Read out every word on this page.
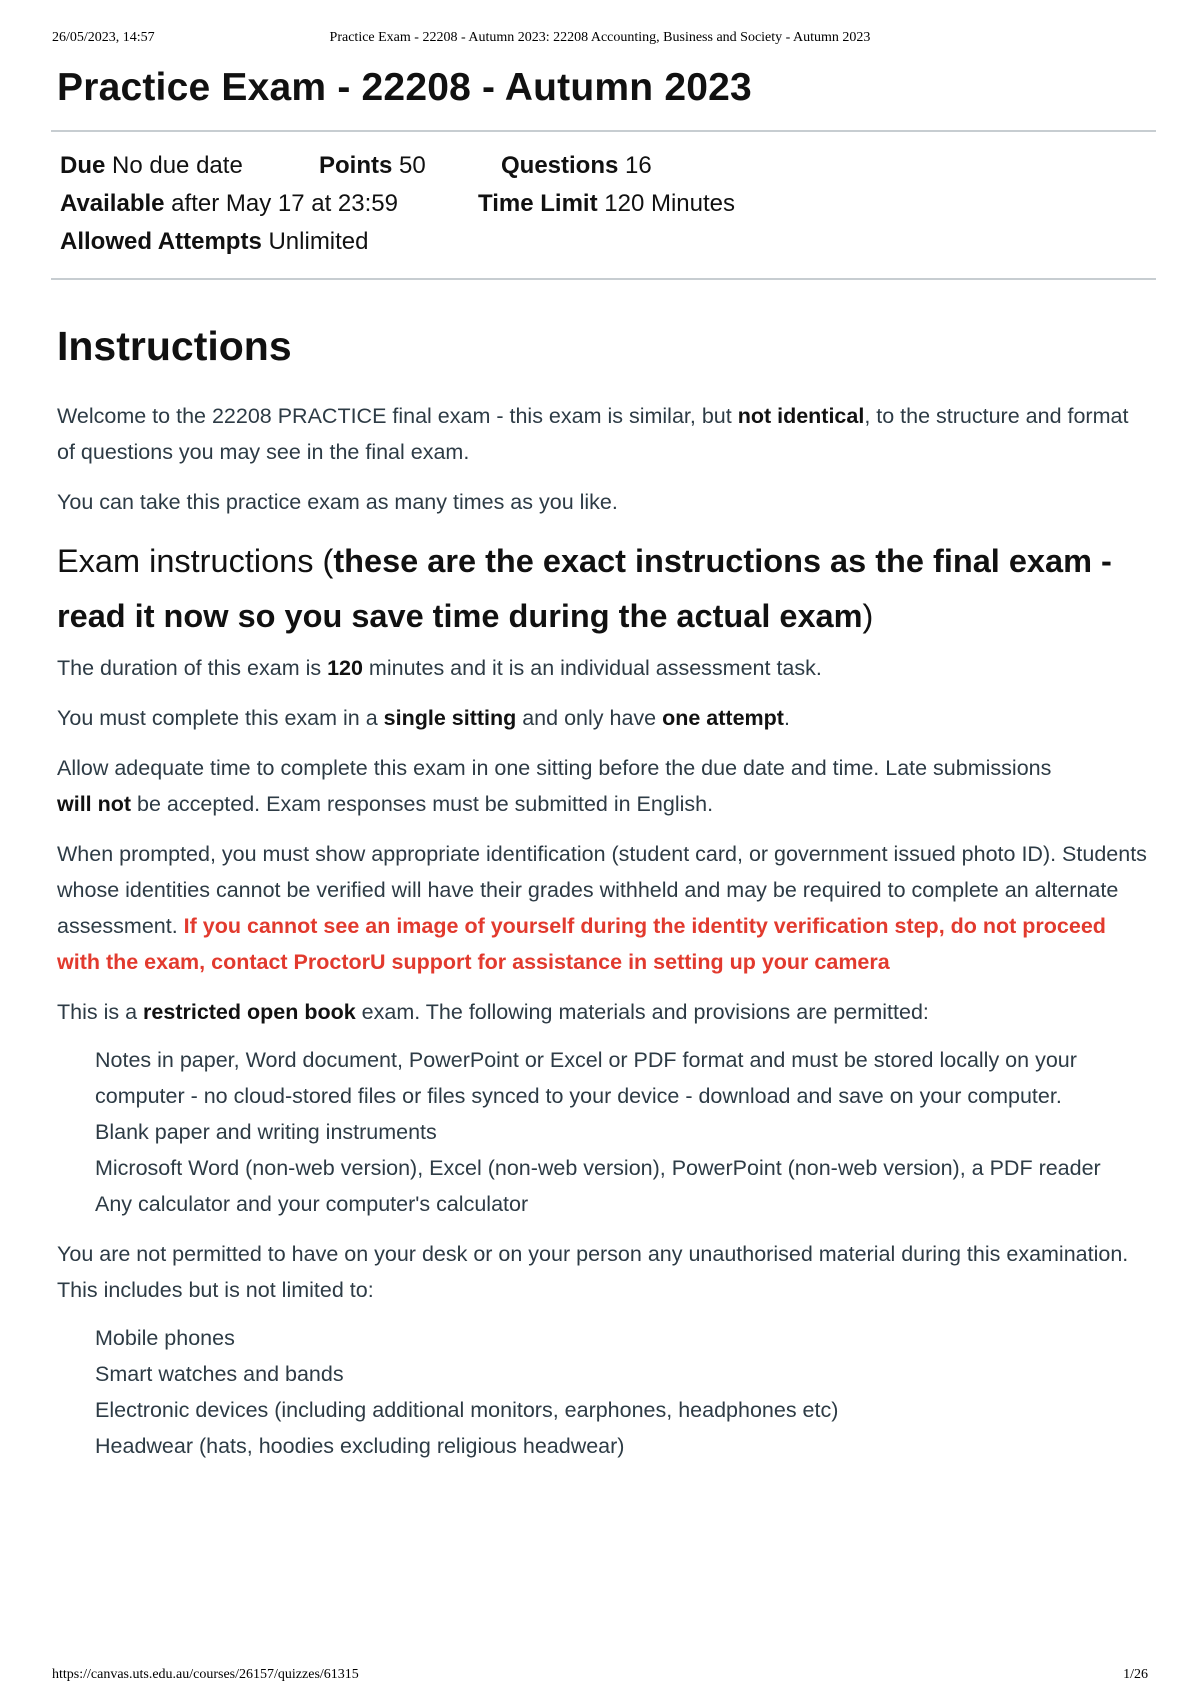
26/05/2023, 14:57	Practice Exam - 22208 - Autumn 2023: 22208 Accounting, Business and Society - Autumn 2023
Practice Exam - 22208 - Autumn 2023
Due No due date	Points 50	Questions 16
Available after May 17 at 23:59	Time Limit 120 Minutes
Allowed Attempts Unlimited
Instructions

Welcome to the 22208 PRACTICE final exam - this exam is similar, but not identical, to the structure and format of questions you may see in the final exam.

You can take this practice exam as many times as you like.

Exam instructions (these are the exact instructions as the final exam - read it now so you save time during the actual exam)

The duration of this exam is 120 minutes and it is an individual assessment task.

You must complete this exam in a single sitting and only have one attempt.

Allow adequate time to complete this exam in one sitting before the due date and time. Late submissions will not be accepted. Exam responses must be submitted in English.

When prompted, you must show appropriate identification (student card, or government issued photo ID). Students whose identities cannot be verified will have their grades withheld and may be required to complete an alternate assessment. If you cannot see an image of yourself during the identity verification step, do not proceed with the exam, contact ProctorU support for assistance in setting up your camera

This is a restricted open book exam. The following materials and provisions are permitted:

Notes in paper, Word document, PowerPoint or Excel or PDF format and must be stored locally on your computer - no cloud-stored files or files synced to your device - download and save on your computer.
Blank paper and writing instruments
Microsoft Word (non-web version), Excel (non-web version), PowerPoint (non-web version), a PDF reader
Any calculator and your computer's calculator

You are not permitted to have on your desk or on your person any unauthorised material during this examination. This includes but is not limited to:

Mobile phones
Smart watches and bands
Electronic devices (including additional monitors, earphones, headphones etc)
Headwear (hats, hoodies excluding religious headwear)
https://canvas.uts.edu.au/courses/26157/quizzes/61315	1/26
